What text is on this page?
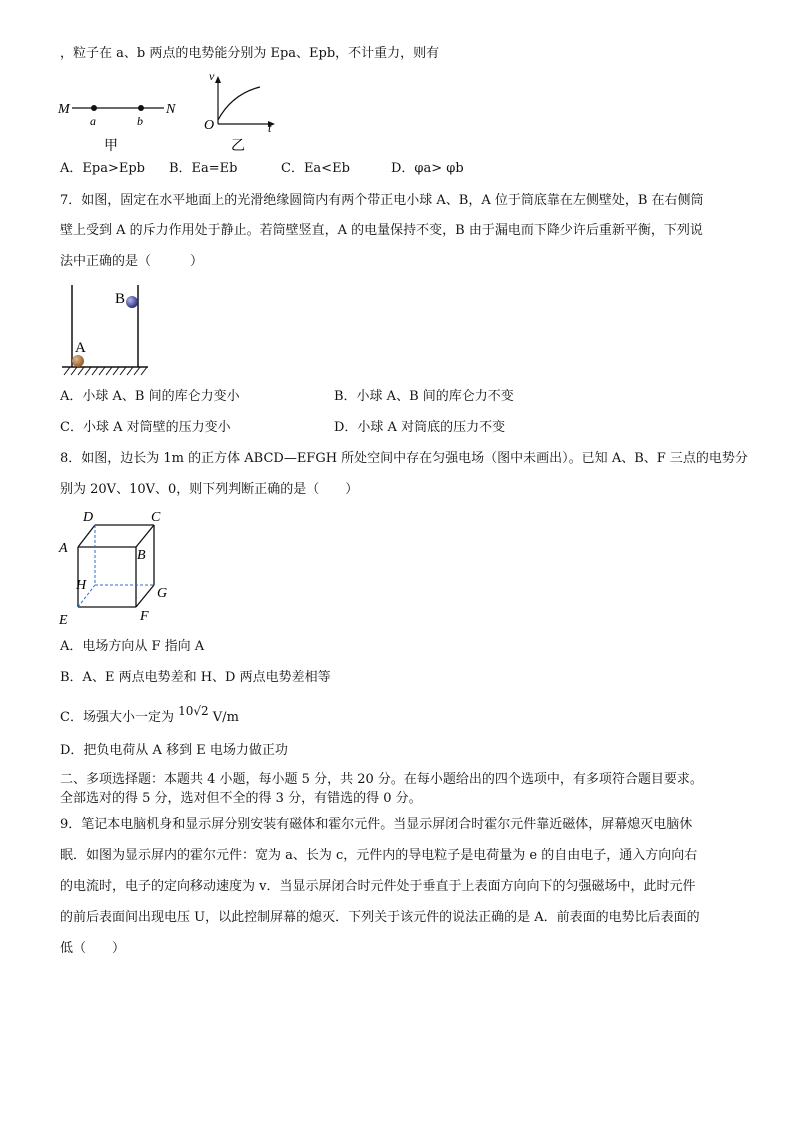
，粒子在 a、b 两点的电势能分别为 Epa、Epb，不计重力，则有
M	N
a	b
甲
v
O	t
乙
A．Epa>Epb B．Ea=Eb	C．Ea<Eb	D．φa> φb
7．如图，固定在水平地面上的光滑绝缘圆筒内有两个带正电小球 A、B，A 位于筒底靠在左侧壁处，B 在右侧筒
壁上受到 A 的斥力作用处于静止。若筒壁竖直，A 的电量保持不变，B 由于漏电而下降少许后重新平衡，下列说
法中正确的是（　　　）
A
B
A．小球 A、B 间的库仑力变小	B．小球 A、B 间的库仑力不变
C．小球 A 对筒壁的压力变小	D．小球 A 对筒底的压力不变
8．如图，边长为 1m 的正方体 ABCD—EFGH 所处空间中存在匀强电场（图中未画出）。已知 A、B、F 三点的电势分
别为 20V、10V、0，则下列判断正确的是（　　）
A	B
C
D
E	F
G
H
A．电场方向从 F 指向 A
B．A、E 两点电势差和 H、D 两点电势差相等
C．场强大小一定为 10√2 V/m
D．把负电荷从 A 移到 E 电场力做正功
二、多项选择题：本题共 4 小题，每小题 5 分，共 20 分。在每小题给出的四个选项中，有多项符合题目要求。
全部选对的得 5 分，选对但不全的得 3 分，有错选的得 0 分。
9．笔记本电脑机身和显示屏分别安装有磁体和霍尔元件。当显示屏闭合时霍尔元件靠近磁体，屏幕熄灭电脑休
眠．如图为显示屏内的霍尔元件：宽为 a、长为 c，元件内的导电粒子是电荷量为 e 的自由电子，通入方向向右
的电流时，电子的定向移动速度为 v．当显示屏闭合时元件处于垂直于上表面方向向下的匀强磁场中，此时元件
的前后表面间出现电压 U，以此控制屏幕的熄灭．下列关于该元件的说法正确的是 A．前表面的电势比后表面的
低（　　）
